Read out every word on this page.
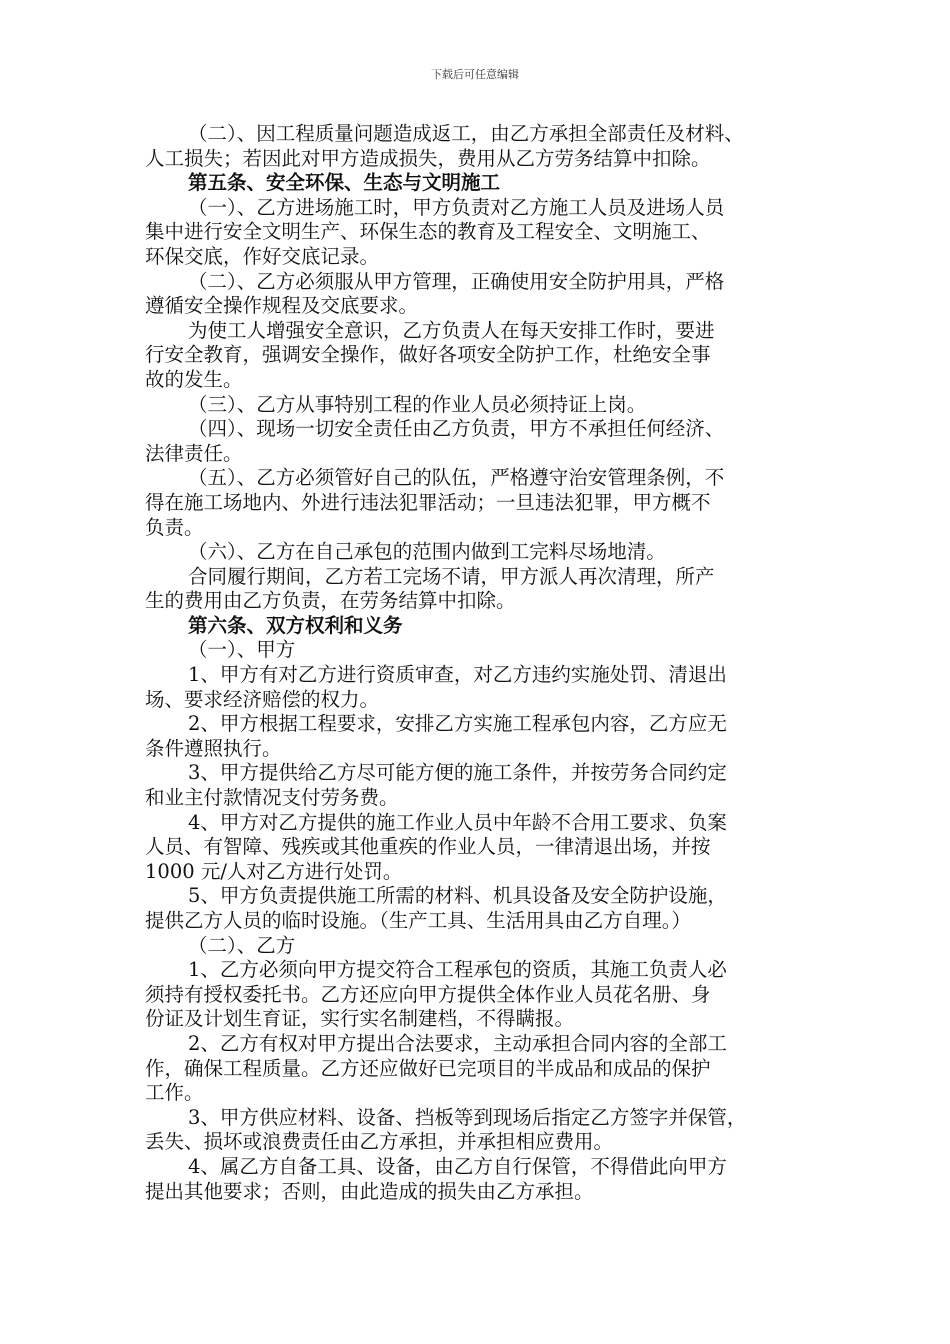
下载后可任意编辑
（二）、因工程质量问题造成返工，由乙方承担全部责任及材料、
人工损失；若因此对甲方造成损失，费用从乙方劳务结算中扣除。
第五条、安全环保、生态与文明施工
（一）、乙方进场施工时，甲方负责对乙方施工人员及进场人员
集中进行安全文明生产、环保生态的教育及工程安全、文明施工、
环保交底，作好交底记录。
（二）、乙方必须服从甲方管理，正确使用安全防护用具，严格
遵循安全操作规程及交底要求。
为使工人增强安全意识，乙方负责人在每天安排工作时，要进
行安全教育，强调安全操作，做好各项安全防护工作，杜绝安全事
故的发生。
（三）、乙方从事特别工程的作业人员必须持证上岗。
（四）、现场一切安全责任由乙方负责，甲方不承担任何经济、
法律责任。
（五）、乙方必须管好自己的队伍，严格遵守治安管理条例，不
得在施工场地内、外进行违法犯罪活动；一旦违法犯罪，甲方概不
负责。
（六）、乙方在自己承包的范围内做到工完料尽场地清。
合同履行期间，乙方若工完场不请，甲方派人再次清理，所产
生的费用由乙方负责，在劳务结算中扣除。
第六条、双方权利和义务
（一）、甲方
1、甲方有对乙方进行资质审查，对乙方违约实施处罚、清退出
场、要求经济赔偿的权力。
2、甲方根据工程要求，安排乙方实施工程承包内容，乙方应无
条件遵照执行。
3、甲方提供给乙方尽可能方便的施工条件，并按劳务合同约定
和业主付款情况支付劳务费。
4、甲方对乙方提供的施工作业人员中年龄不合用工要求、负案
人员、有智障、残疾或其他重疾的作业人员，一律清退出场，并按
1000 元/人对乙方进行处罚。
5、甲方负责提供施工所需的材料、机具设备及安全防护设施，
提供乙方人员的临时设施。（生产工具、生活用具由乙方自理。）
（二）、乙方
1、乙方必须向甲方提交符合工程承包的资质，其施工负责人必
须持有授权委托书。乙方还应向甲方提供全体作业人员花名册、身
份证及计划生育证，实行实名制建档，不得瞒报。
2、乙方有权对甲方提出合法要求，主动承担合同内容的全部工
作，确保工程质量。乙方还应做好已完项目的半成品和成品的保护
工作。
3、甲方供应材料、设备、挡板等到现场后指定乙方签字并保管，
丢失、损坏或浪费责任由乙方承担，并承担相应费用。
4、属乙方自备工具、设备，由乙方自行保管，不得借此向甲方
提出其他要求；否则，由此造成的损失由乙方承担。
